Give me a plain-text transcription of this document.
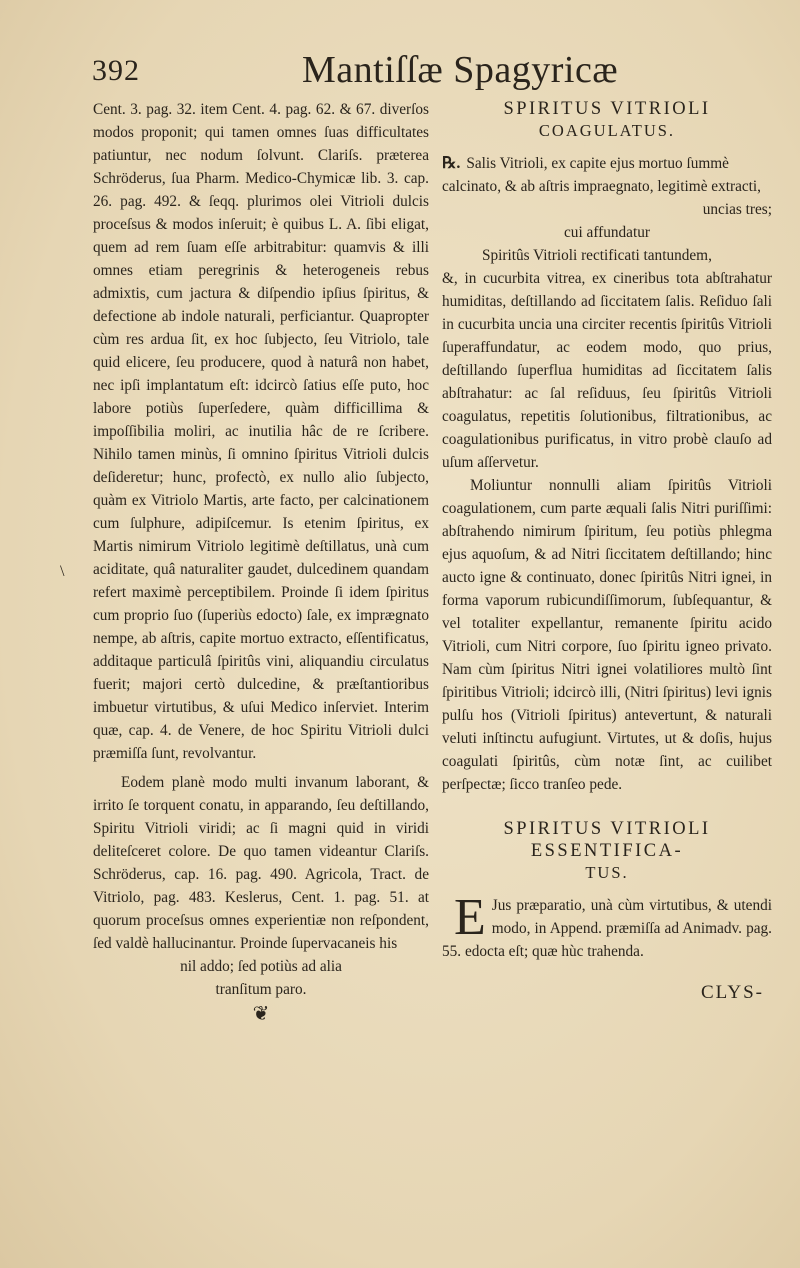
392	Mantiſſæ Spagyricæ
\

Cent. 3. pag. 32. item Cent. 4. pag. 62. & 67. diverſos modos proponit; qui tamen omnes ſuas difficultates patiuntur, nec nodum ſolvunt. Clariſs. præterea Schröderus, ſua Pharm. Medico-Chymicæ lib. 3. cap. 26. pag. 492. & ſeqq. plurimos olei Vitrioli dulcis proceſsus & modos inſeruit; è quibus L. A. ſibi eligat, quem ad rem ſuam eſſe arbitrabitur: quamvis & illi omnes etiam peregrinis & heterogeneis rebus admixtis, cum jactura & diſpendio ipſius ſpiritus, & defectione ab indole naturali, perficiantur. Quapropter cùm res ardua ſit, ex hoc ſubjecto, ſeu Vitriolo, tale quid elicere, ſeu producere, quod à naturâ non habet, nec ipſi implantatum eſt: idcircò ſatius eſſe puto, hoc labore potiùs ſuperſedere, quàm difficillima & impoſſibilia moliri, ac inutilia hâc de re ſcribere. Nihilo tamen minùs, ſi omnino ſpiritus Vitrioli dulcis deſideretur; hunc, profectò, ex nullo alio ſubjecto, quàm ex Vitriolo Martis, arte facto, per calcinationem cum ſulphure, adipiſcemur. Is etenim ſpiritus, ex Martis nimirum Vitriolo legitimè deſtillatus, unà cum aciditate, quâ naturaliter gaudet, dulcedinem quandam refert maximè perceptibilem. Proinde ſi idem ſpiritus cum proprio ſuo (ſuperiùs edocto) ſale, ex imprægnato nempe, ab aſtris, capite mortuo extracto, eſſentificatus, additaque particulâ ſpiritûs vini, aliquandiu circulatus fuerit; majori certò dulcedine, & præſtantioribus imbuetur virtutibus, & uſui Medico inſerviet. Interim quæ, cap. 4. de Venere, de hoc Spiritu Vitrioli dulci præmiſſa ſunt, revolvantur.

Eodem planè modo multi invanum laborant, & irrito ſe torquent conatu, in apparando, ſeu deſtillando, Spiritu Vitrioli viridi; ac ſi magni quid in viridi deliteſceret colore. De quo tamen videantur Clariſs. Schröderus, cap. 16. pag. 490. Agricola, Tract. de Vitriolo, pag. 483. Keslerus, Cent. 1. pag. 51. at quorum proceſsus omnes experientiæ non reſpondent, ſed valdè hallucinantur. Proinde ſupervacaneis his

nil addo; ſed potiùs ad alia

tranſitum paro.

❦

SPIRITUS VITRIOLI

COAGULATUS.

℞. Salis Vitrioli, ex capite ejus mortuo ſummè calcinato, & ab aſtris impraegnato, legitimè extracti,

uncias tres;

cui affundatur

Spiritûs Vitrioli rectificati tantundem,

&, in cucurbita vitrea, ex cineribus tota abſtrahatur humiditas, deſtillando ad ſiccitatem ſalis. Reſiduo ſali in cucurbita uncia una circiter recentis ſpiritûs Vitrioli ſuperaffundatur, ac eodem modo, quo prius, deſtillando ſuperflua humiditas ad ſiccitatem ſalis abſtrahatur: ac ſal reſiduus, ſeu ſpiritûs Vitrioli coagulatus, repetitis ſolutionibus, filtrationibus, ac coagulationibus purificatus, in vitro probè clauſo ad uſum aſſervetur.

Moliuntur nonnulli aliam ſpiritûs Vitrioli coagulationem, cum parte æquali ſalis Nitri puriſſimi: abſtrahendo nimirum ſpiritum, ſeu potiùs phlegma ejus aquoſum, & ad Nitri ſiccitatem deſtillando; hinc aucto igne & continuato, donec ſpiritûs Nitri ignei, in forma vaporum rubicundiſſimorum, ſubſequantur, & vel totaliter expellantur, remanente ſpiritu acido Vitrioli, cum Nitri corpore, ſuo ſpiritu igneo privato. Nam cùm ſpiritus Nitri ignei volatiliores multò ſint ſpiritibus Vitrioli; idcircò illi, (Nitri ſpiritus) levi ignis pulſu hos (Vitrioli ſpiritus) antevertunt, & naturali veluti inſtinctu aufugiunt. Virtutes, ut & doſis, hujus coagulati ſpiritûs, cùm notæ ſint, ac cuilibet perſpectæ; ſicco tranſeo pede.

SPIRITUS VITRIOLI

ESSENTIFICA-

TUS.

E Jus præparatio, unà cùm virtutibus, & utendi modo, in Append. præmiſſa ad Animadv. pag. 55. edocta eſt; quæ hùc trahenda.

CLYS-
